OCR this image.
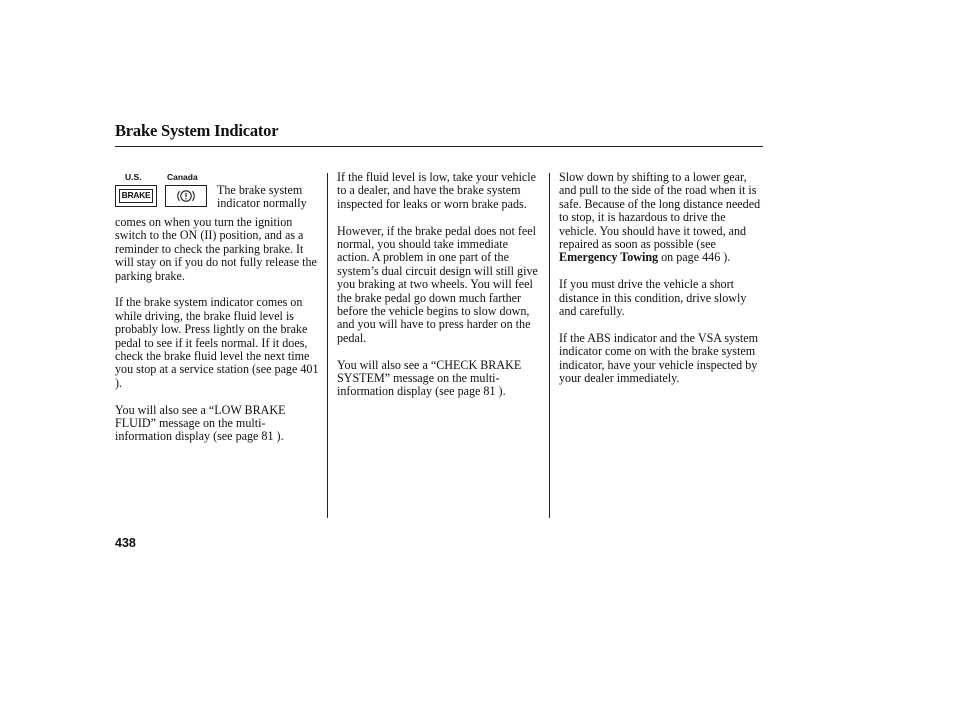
Brake System Indicator
U.S.	Canada
BRAKE	The brake system indicator normally

comes on when you turn the ignition switch to the ON (II) position, and as a reminder to check the parking brake. It will stay on if you do not fully release the parking brake.

If the brake system indicator comes on while driving, the brake fluid level is probably low. Press lightly on the brake pedal to see if it feels normal. If it does, check the brake fluid level the next time you stop at a service station (see page 401 ).

You will also see a “LOW BRAKE FLUID” message on the multi-information display (see page 81 ).

If the fluid level is low, take your vehicle to a dealer, and have the brake system inspected for leaks or worn brake pads.

However, if the brake pedal does not feel normal, you should take immediate action. A problem in one part of the system’s dual circuit design will still give you braking at two wheels. You will feel the brake pedal go down much farther before the vehicle begins to slow down, and you will have to press harder on the pedal.

You will also see a “CHECK BRAKE SYSTEM” message on the multi-information display (see page 81 ).

Slow down by shifting to a lower gear, and pull to the side of the road when it is safe. Because of the long distance needed to stop, it is hazardous to drive the vehicle. You should have it towed, and repaired as soon as possible (see Emergency Towing on page 446 ).

If you must drive the vehicle a short distance in this condition, drive slowly and carefully.

If the ABS indicator and the VSA system indicator come on with the brake system indicator, have your vehicle inspected by your dealer immediately.

438
